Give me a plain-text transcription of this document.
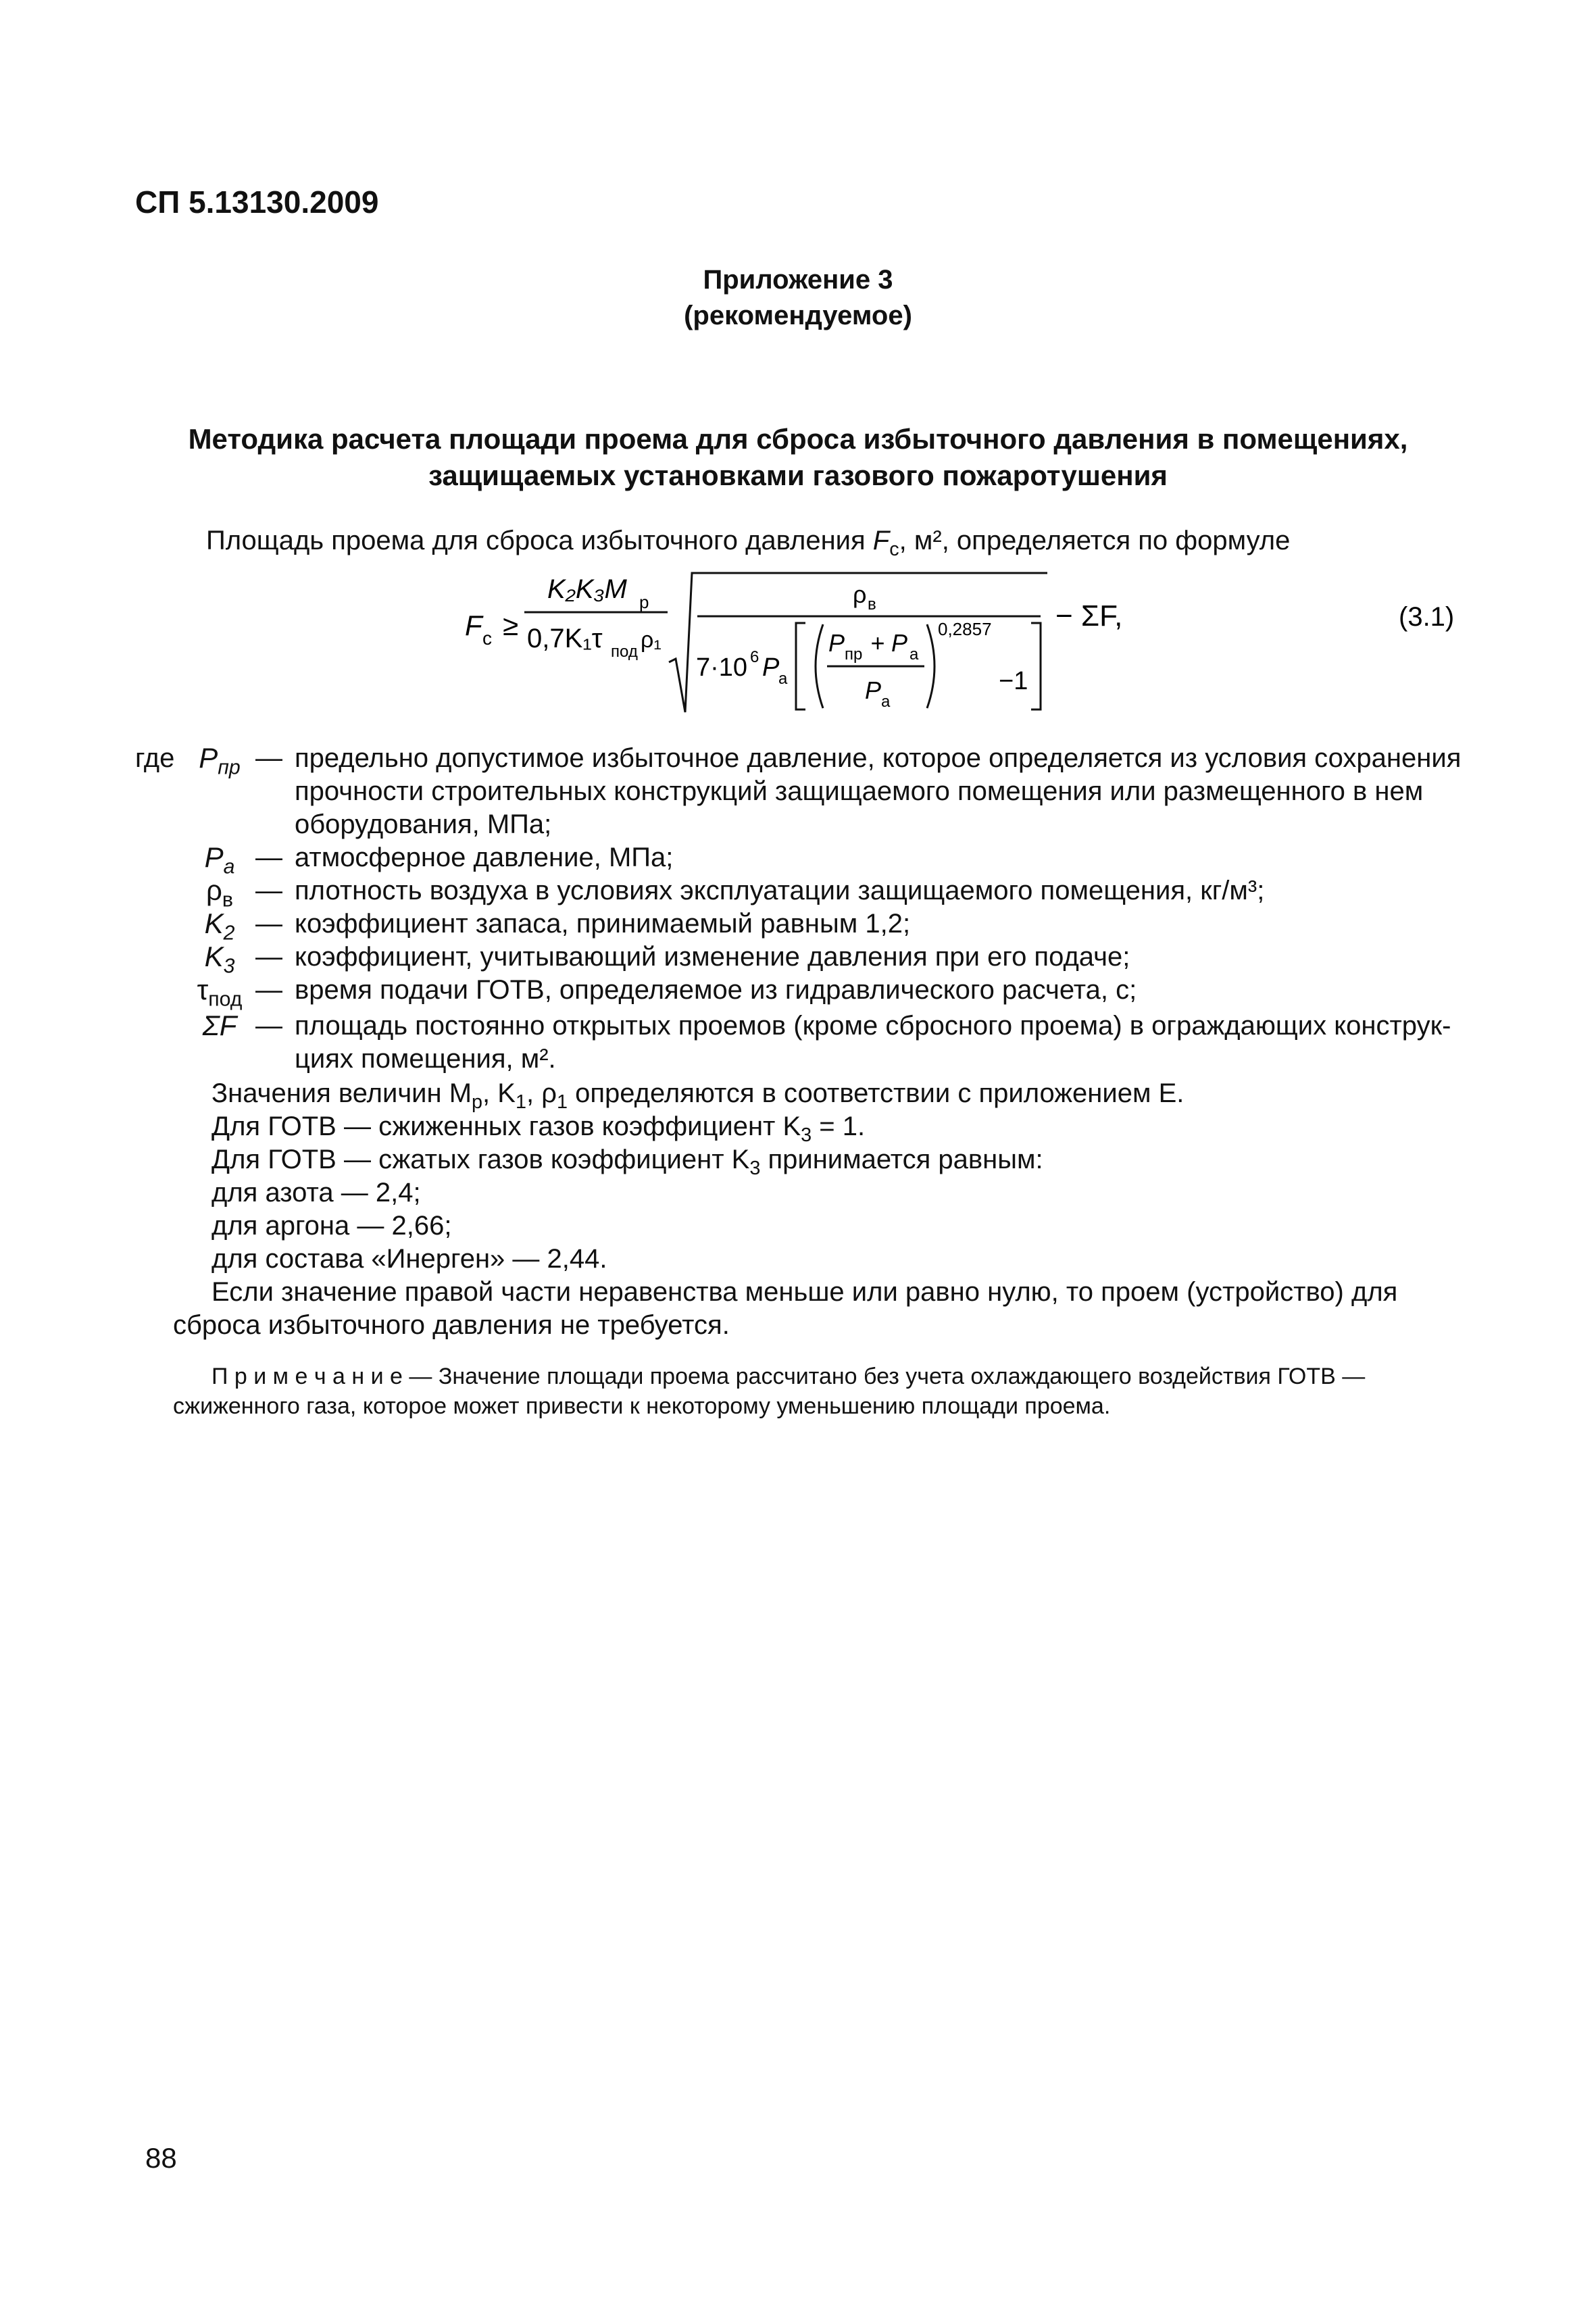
СП 5.13130.2009
Приложение 3
(рекомендуемое)
Методика расчета площади проема для сброса избыточного давления в помещениях,
защищаемых установками газового пожаротушения
Площадь проема для сброса избыточного давления $F_c$, м², определяется по формуле
F c ≥
K₂K₃M p
0,7K₁τ под ρ₁
ρ в
7·10 6 P
а
P пр + P а
P а
0,2857
−1
− ΣF,	(3.1)
где $P_{пр}$ — предельно допустимое избыточное давление, которое определяется из условия сохранения
прочности строительных конструкций защищаемого помещения или размещенного в нем
оборудования, МПа;
$P_а$ — атмосферное давление, МПа;
$\rho_в$ — плотность воздуха в условиях эксплуатации защищаемого помещения, кг/м³;
$K_2$ — коэффициент запаса, принимаемый равным 1,2;
$K_3$ — коэффициент, учитывающий изменение давления при его подаче;
$\tau_{под}$ — время подачи ГОТВ, определяемое из гидравлического расчета, с;
ΣF — площадь постоянно открытых проемов (кроме сбросного проема) в ограждающих конструк-
циях помещения, м².
Значения величин $M_p$, $K_1$, $\rho_1$ определяются в соответствии с приложением Е.
Для ГОТВ — сжиженных газов коэффициент $K_3 = 1$.
Для ГОТВ — сжатых газов коэффициент $K_3$ принимается равным:
для азота — 2,4;
для аргона — 2,66;
для состава «Инерген» — 2,44.
Если значение правой части неравенства меньше или равно нулю, то проем (устройство) для
сброса избыточного давления не требуется.
П р и м е ч а н и е — Значение площади проема рассчитано без учета охлаждающего воздействия ГОТВ —
сжиженного газа, которое может привести к некоторому уменьшению площади проема.
88
